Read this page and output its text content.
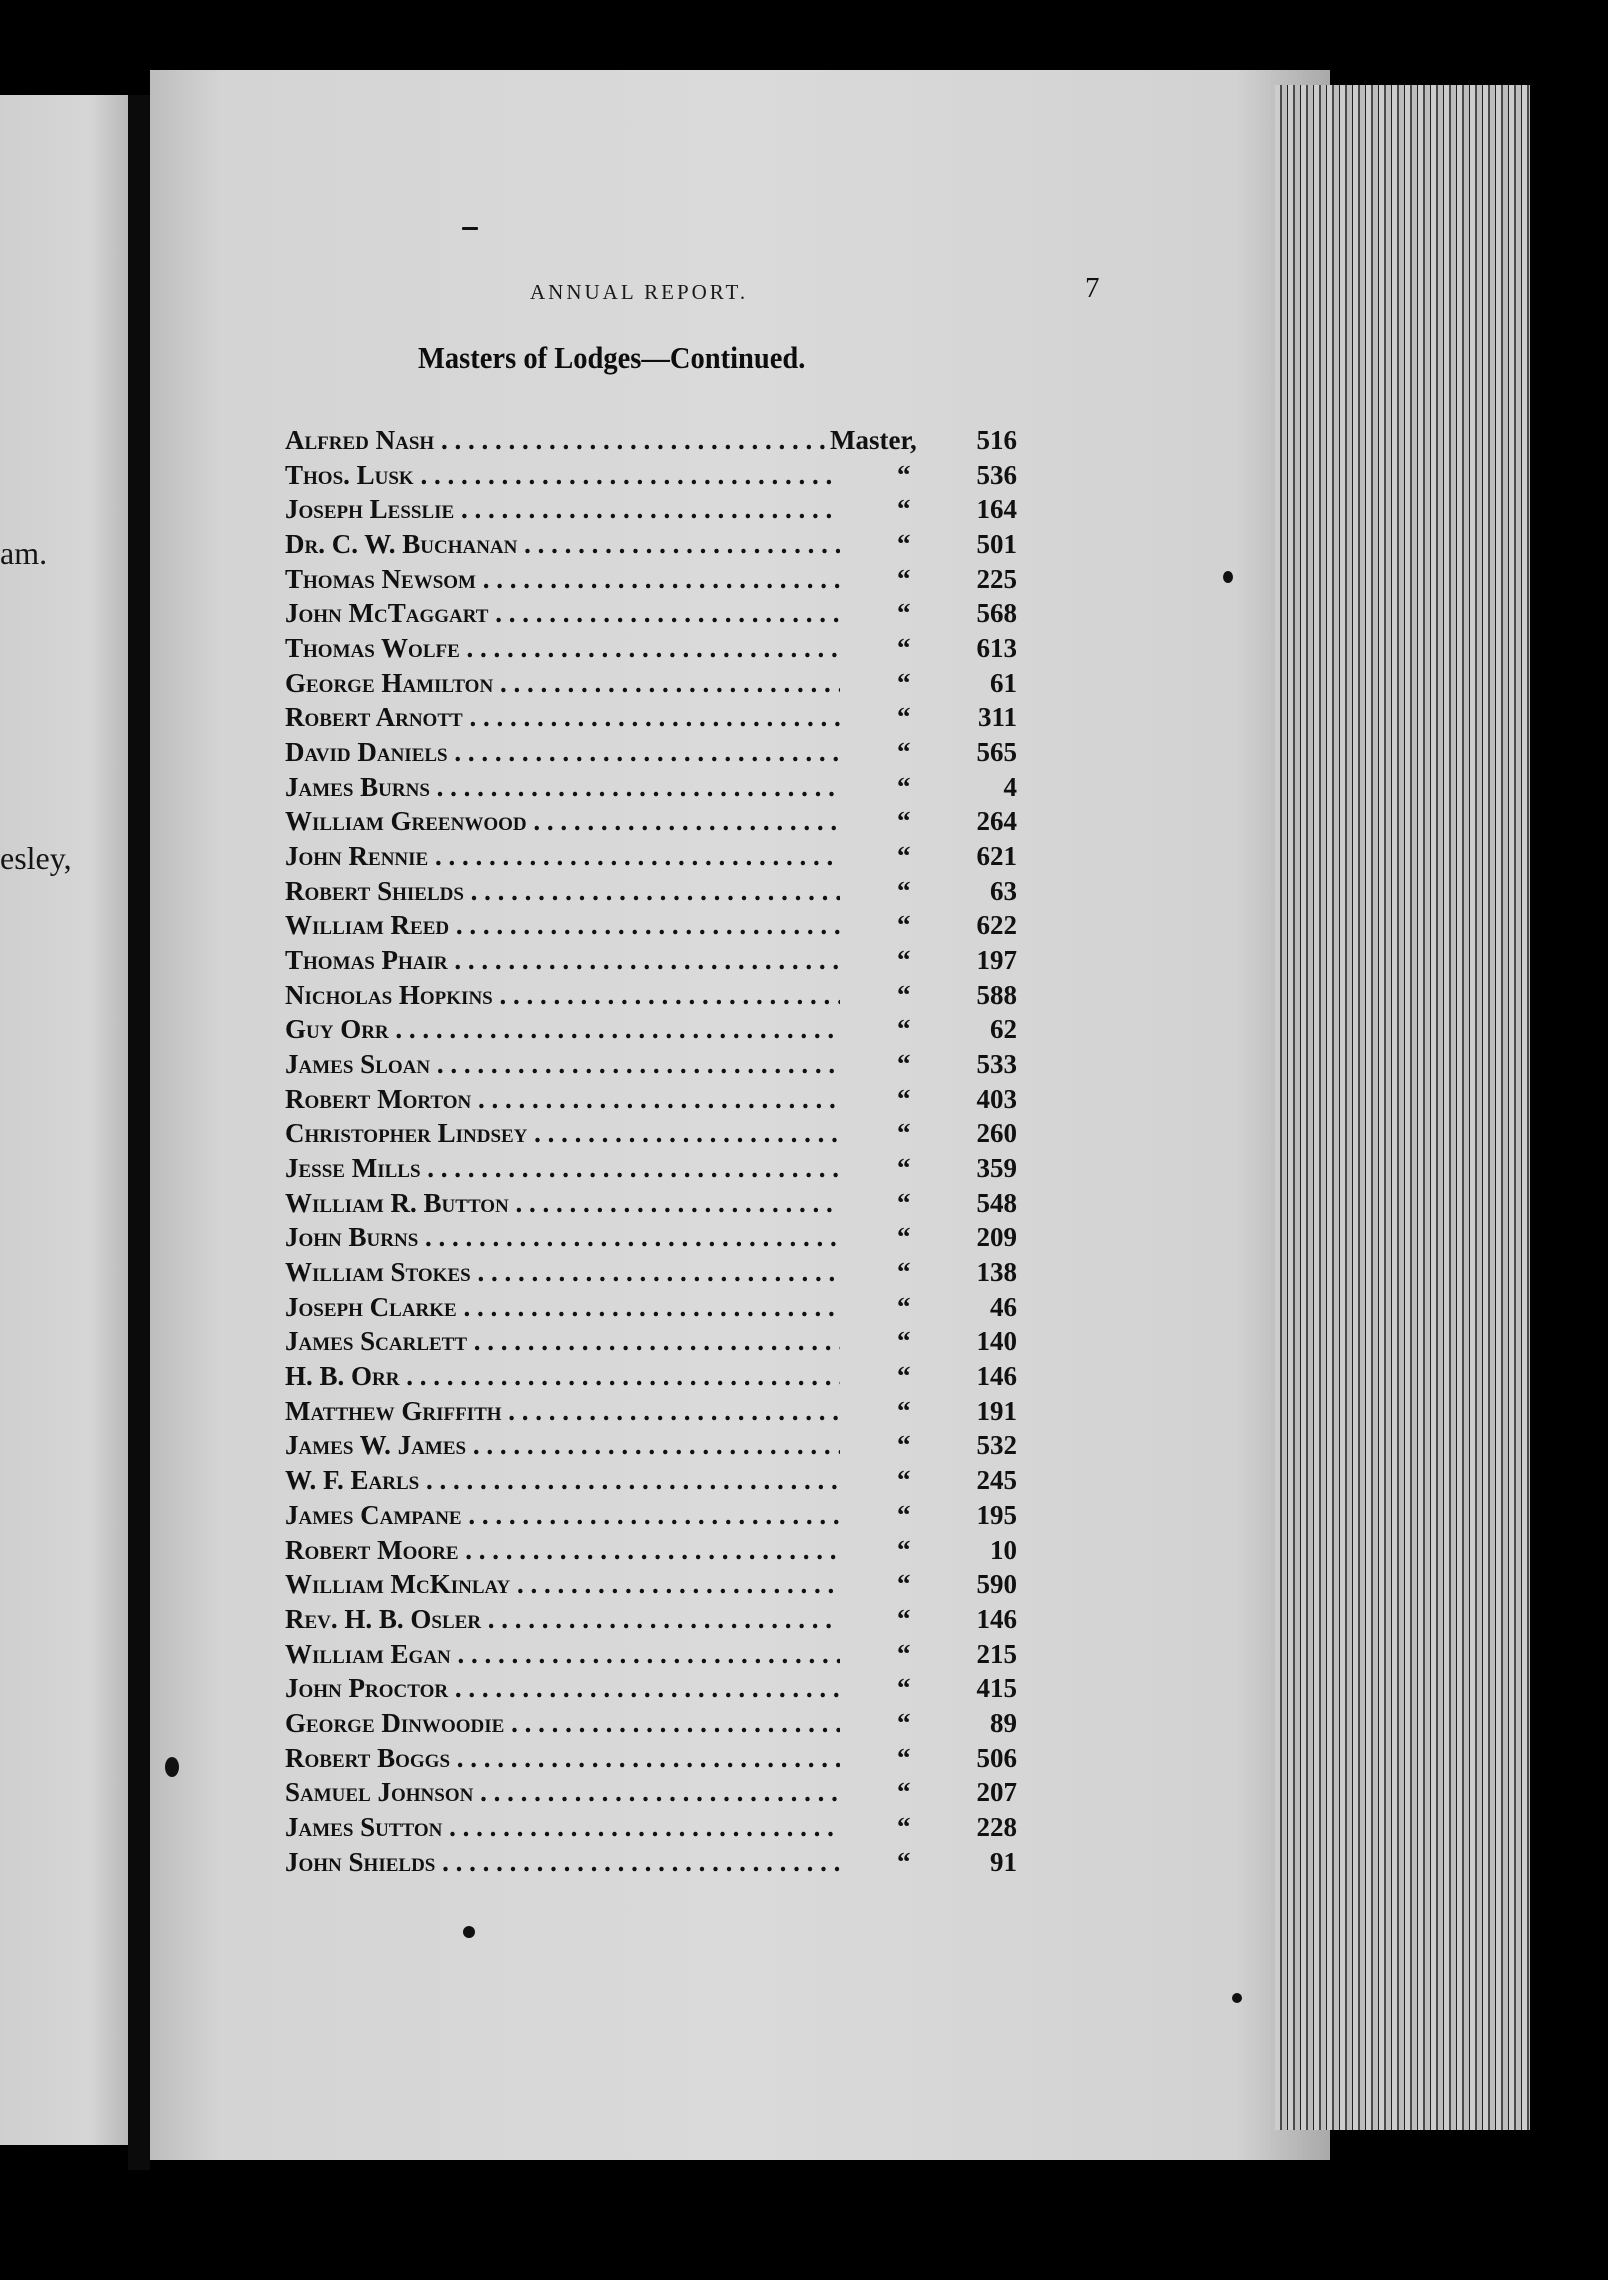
am.
esley,
ANNUAL REPORT.	7
Masters of Lodges—Continued.
Alfred Nash . . .	Master, 516
Thos. Lusk . . .	“ 536
Joseph Lesslie . . .	“ 164
Dr. C. W. Buchanan . . .	“ 501
Thomas Newsom . . .	“ 225
John McTaggart . . .	“ 568
Thomas Wolfe . . .	“ 613
George Hamilton . . .	“	61
Robert Arnott . . .	“ 311
David Daniels . . .	“ 565
James Burns . . .	“	4
William Greenwood . . .	“ 264
John Rennie . . .	“ 621
Robert Shields . . .	“	63
William Reed . . .	“ 622
Thomas Phair . . .	“ 197
Nicholas Hopkins . . .	“ 588
Guy Orr . . .	“	62
James Sloan . . .	“ 533
Robert Morton . . .	“ 403
Christopher Lindsey . . .	“ 260
Jesse Mills . . .	“ 359
William R. Button . . .	“ 548
John Burns . . .	“ 209
William Stokes . . .	“ 138
Joseph Clarke . . .	“	46
James Scarlett . . .	“ 140
H. B. Orr . . .	“ 146
Matthew Griffith . . .	“ 191
James W. James . . .	“ 532
W. F. Earls . . .	“ 245
James Campane . . .	“ 195
Robert Moore . . .	“	10
William McKinlay . . .	“ 590
Rev. H. B. Osler . . .	“ 146
William Egan . . .	“ 215
John Proctor . . .	“ 415
George Dinwoodie . . .	“	89
Robert Boggs . . .	“ 506
Samuel Johnson . . .	“ 207
James Sutton . . .	“ 228
John Shields . . .	“	91
